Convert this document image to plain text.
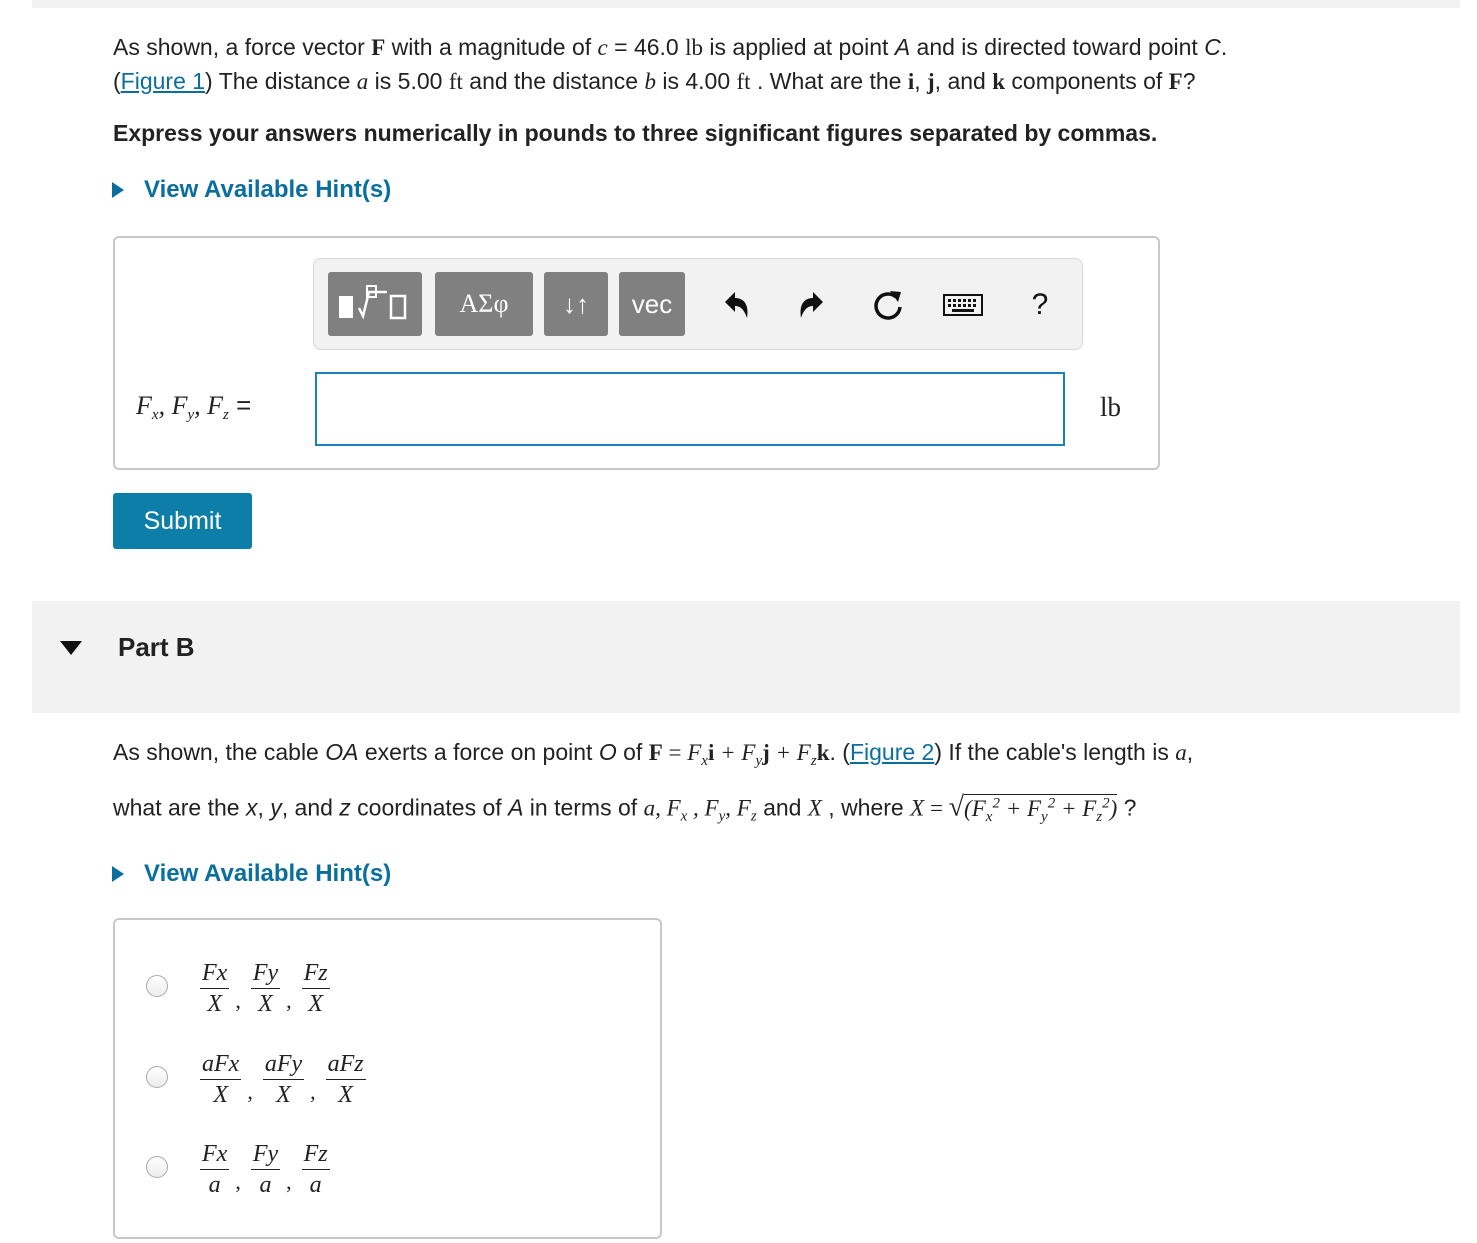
As shown, a force vector F with a magnitude of c = 46.0 lb is applied at point A and is directed toward point C.
(Figure 1) The distance a is 5.00 ft and the distance b is 4.00 ft . What are the i, j, and k components of F?
Express your answers numerically in pounds to three significant figures separated by commas.
View Available Hint(s)
ΑΣφ	↓↑	vec	?
$F_x$, $F_y$, $F_z$ =	lb
Submit
Part B
As shown, the cable OA exerts a force on point O of $F = F_xi + F_yj + F_zk$. (Figure 2) If the cable's length is a,
what are the x, y, and z coordinates of A in terms of a, $F_x$ , $F_y$, $F_z$ and X , where $X = √(F_x^2 + F_y^2 + F_z^2)$ ?
View Available Hint(s)
$\frac{Fx}{X}$ , $\frac{Fy}{X}$ , $\frac{Fz}{X}$
$\frac{\text{aFx}}{X}$ , $\frac{\text{aFy}}{X}$ , $\frac{\text{aFz}}{X}$
$\frac{Fx}{a}$ , $\frac{Fy}{a}$ , $\frac{Fz}{a}$
